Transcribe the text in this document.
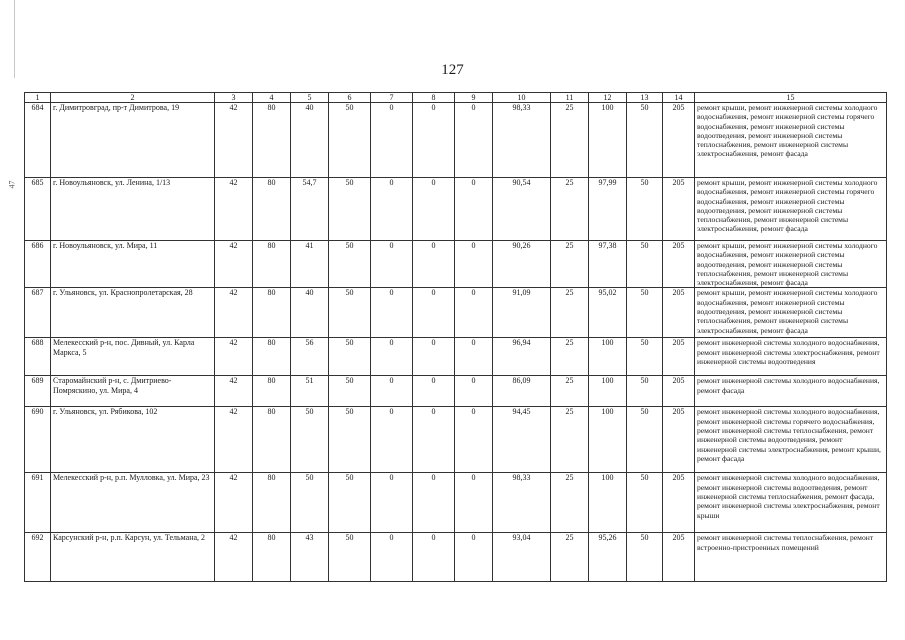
47
127
1	2	3	4	5	6	7	8	9	10	11	12	13	14	15
684	г. Димитровград, пр-т Димитрова, 19	42	80	40	50	0	0	0	98,33	25	100	50	205	ремонт крыши, ремонт инженерной системы холодного водоснабжения, ремонт инженерной системы горячего водоснабжения, ремонт инженерной системы водоотведения, ремонт инженерной системы теплоснабжения, ремонт инженерной системы электроснабжения, ремонт фасада
685	г. Новоульяновск, ул. Ленина, 1/13	42	80	54,7	50	0	0	0	90,54	25	97,99	50	205	ремонт крыши, ремонт инженерной системы холодного водоснабжения, ремонт инженерной системы горячего водоснабжения, ремонт инженерной системы водоотведения, ремонт инженерной системы теплоснабжения, ремонт инженерной системы электроснабжения, ремонт фасада
686	г. Новоульяновск, ул. Мира, 11	42	80	41	50	0	0	0	90,26	25	97,38	50	205	ремонт крыши, ремонт инженерной системы холодного водоснабжения, ремонт инженерной системы водоотведения, ремонт инженерной системы теплоснабжения, ремонт инженерной системы электроснабжения, ремонт фасада
687	г. Ульяновск, ул. Краснопролетарская, 28	42	80	40	50	0	0	0	91,09	25	95,02	50	205	ремонт крыши, ремонт инженерной системы холодного водоснабжения, ремонт инженерной системы водоотведения, ремонт инженерной системы теплоснабжения, ремонт инженерной системы электроснабжения, ремонт фасада
688	Мелекесский р-н, пос. Дивный, ул. Карла Маркса, 5	42	80	56	50	0	0	0	96,94	25	100	50	205	ремонт инженерной системы холодного водоснабжения, ремонт инженерной системы электроснабжения, ремонт инженерной системы водоотведения
689	Старомайнский р-н, с. Дмитриево-Помряскино, ул. Мира, 4	42	80	51	50	0	0	0	86,09	25	100	50	205	ремонт инженерной системы холодного водоснабжения, ремонт фасада
690	г. Ульяновск, ул. Рябикова, 102	42	80	50	50	0	0	0	94,45	25	100	50	205	ремонт инженерной системы холодного водоснабжения, ремонт инженерной системы горячего водоснабжения, ремонт инженерной системы теплоснабжения, ремонт инженерной системы водоотведения, ремонт инженерной системы электроснабжения, ремонт крыши, ремонт фасада
691	Мелекесский р-н, р.п. Мулловка, ул. Мира, 23	42	80	50	50	0	0	0	98,33	25	100	50	205	ремонт инженерной системы холодного водоснабжения, ремонт инженерной системы водоотведения, ремонт инженерной системы теплоснабжения, ремонт фасада, ремонт инженерной системы электроснабжения, ремонт крыши
692	Карсунский р-н, р.п. Карсун, ул. Тельмана, 2	42	80	43	50	0	0	0	93,04	25	95,26	50	205	ремонт инженерной системы теплоснабжения, ремонт встроенно-пристроенных помещений
